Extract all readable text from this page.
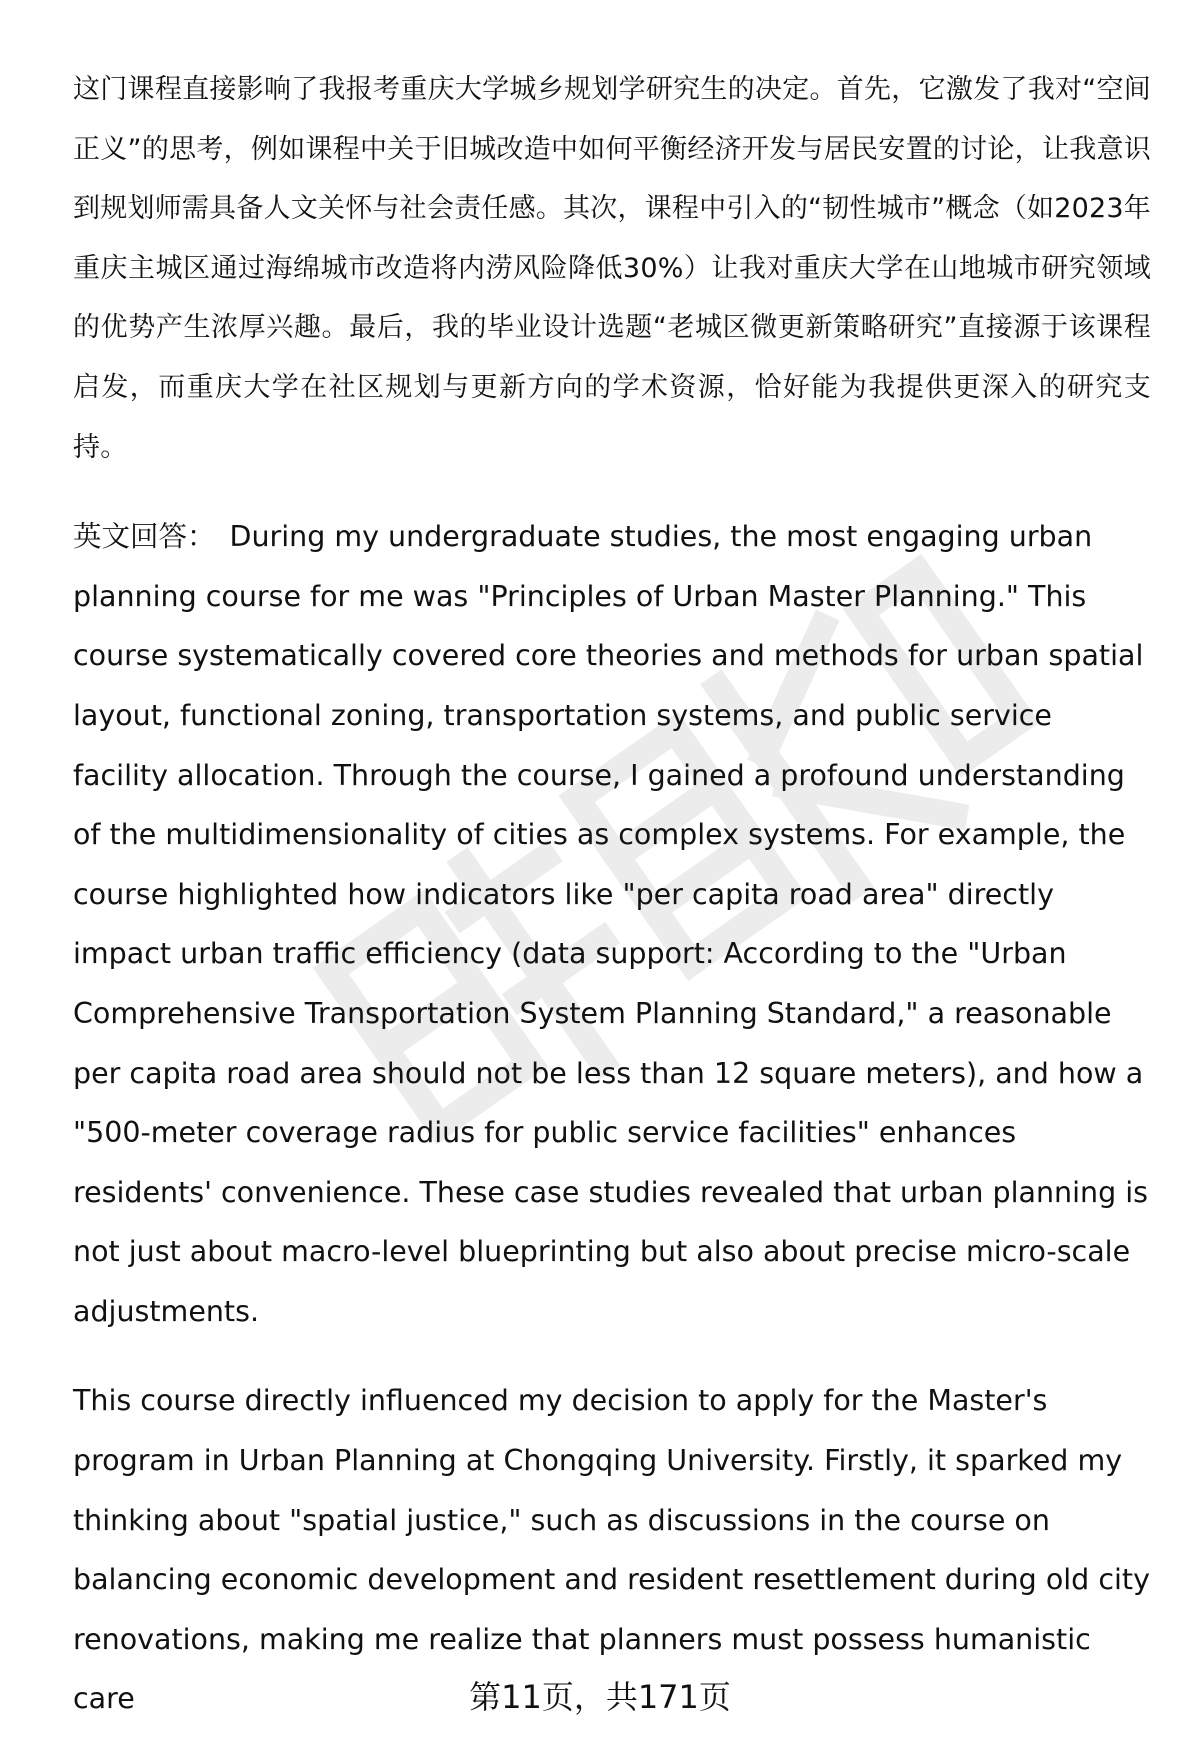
这门课程直接影响了我报考重庆大学城乡规划学研究生的决定。首先，它激发了我对“空间正义”的思考，例如课程中关于旧城改造中如何平衡经济开发与居民安置的讨论，让我意识到规划师需具备人文关怀与社会责任感。其次，课程中引入的“韧性城市”概念（如2023年重庆主城区通过海绵城市改造将内涝风险降低30%）让我对重庆大学在山地城市研究领域的优势产生浓厚兴趣。最后，我的毕业设计选题“老城区微更新策略研究”直接源于该课程启发，而重庆大学在社区规划与更新方向的学术资源，恰好能为我提供更深入的研究支持。

英文回答： During my undergraduate studies, the most engaging urban planning course for me was "Principles of Urban Master Planning." This course systematically covered core theories and methods for urban spatial layout, functional zoning, transportation systems, and public service facility allocation. Through the course, I gained a profound understanding of the multidimensionality of cities as complex systems. For example, the course highlighted how indicators like "per capita road area" directly impact urban traffic efficiency (data support: According to the "Urban Comprehensive Transportation System Planning Standard," a reasonable per capita road area should not be less than 12 square meters), and how a "500-meter coverage radius for public service facilities" enhances residents' convenience. These case studies revealed that urban planning is not just about macro-level blueprinting but also about precise micro-scale adjustments.

This course directly influenced my decision to apply for the Master's program in Urban Planning at Chongqing University. Firstly, it sparked my thinking about "spatial justice," such as discussions in the course on balancing economic development and resident resettlement during old city renovations, making me realize that planners must possess humanistic care	第11页，共171页
